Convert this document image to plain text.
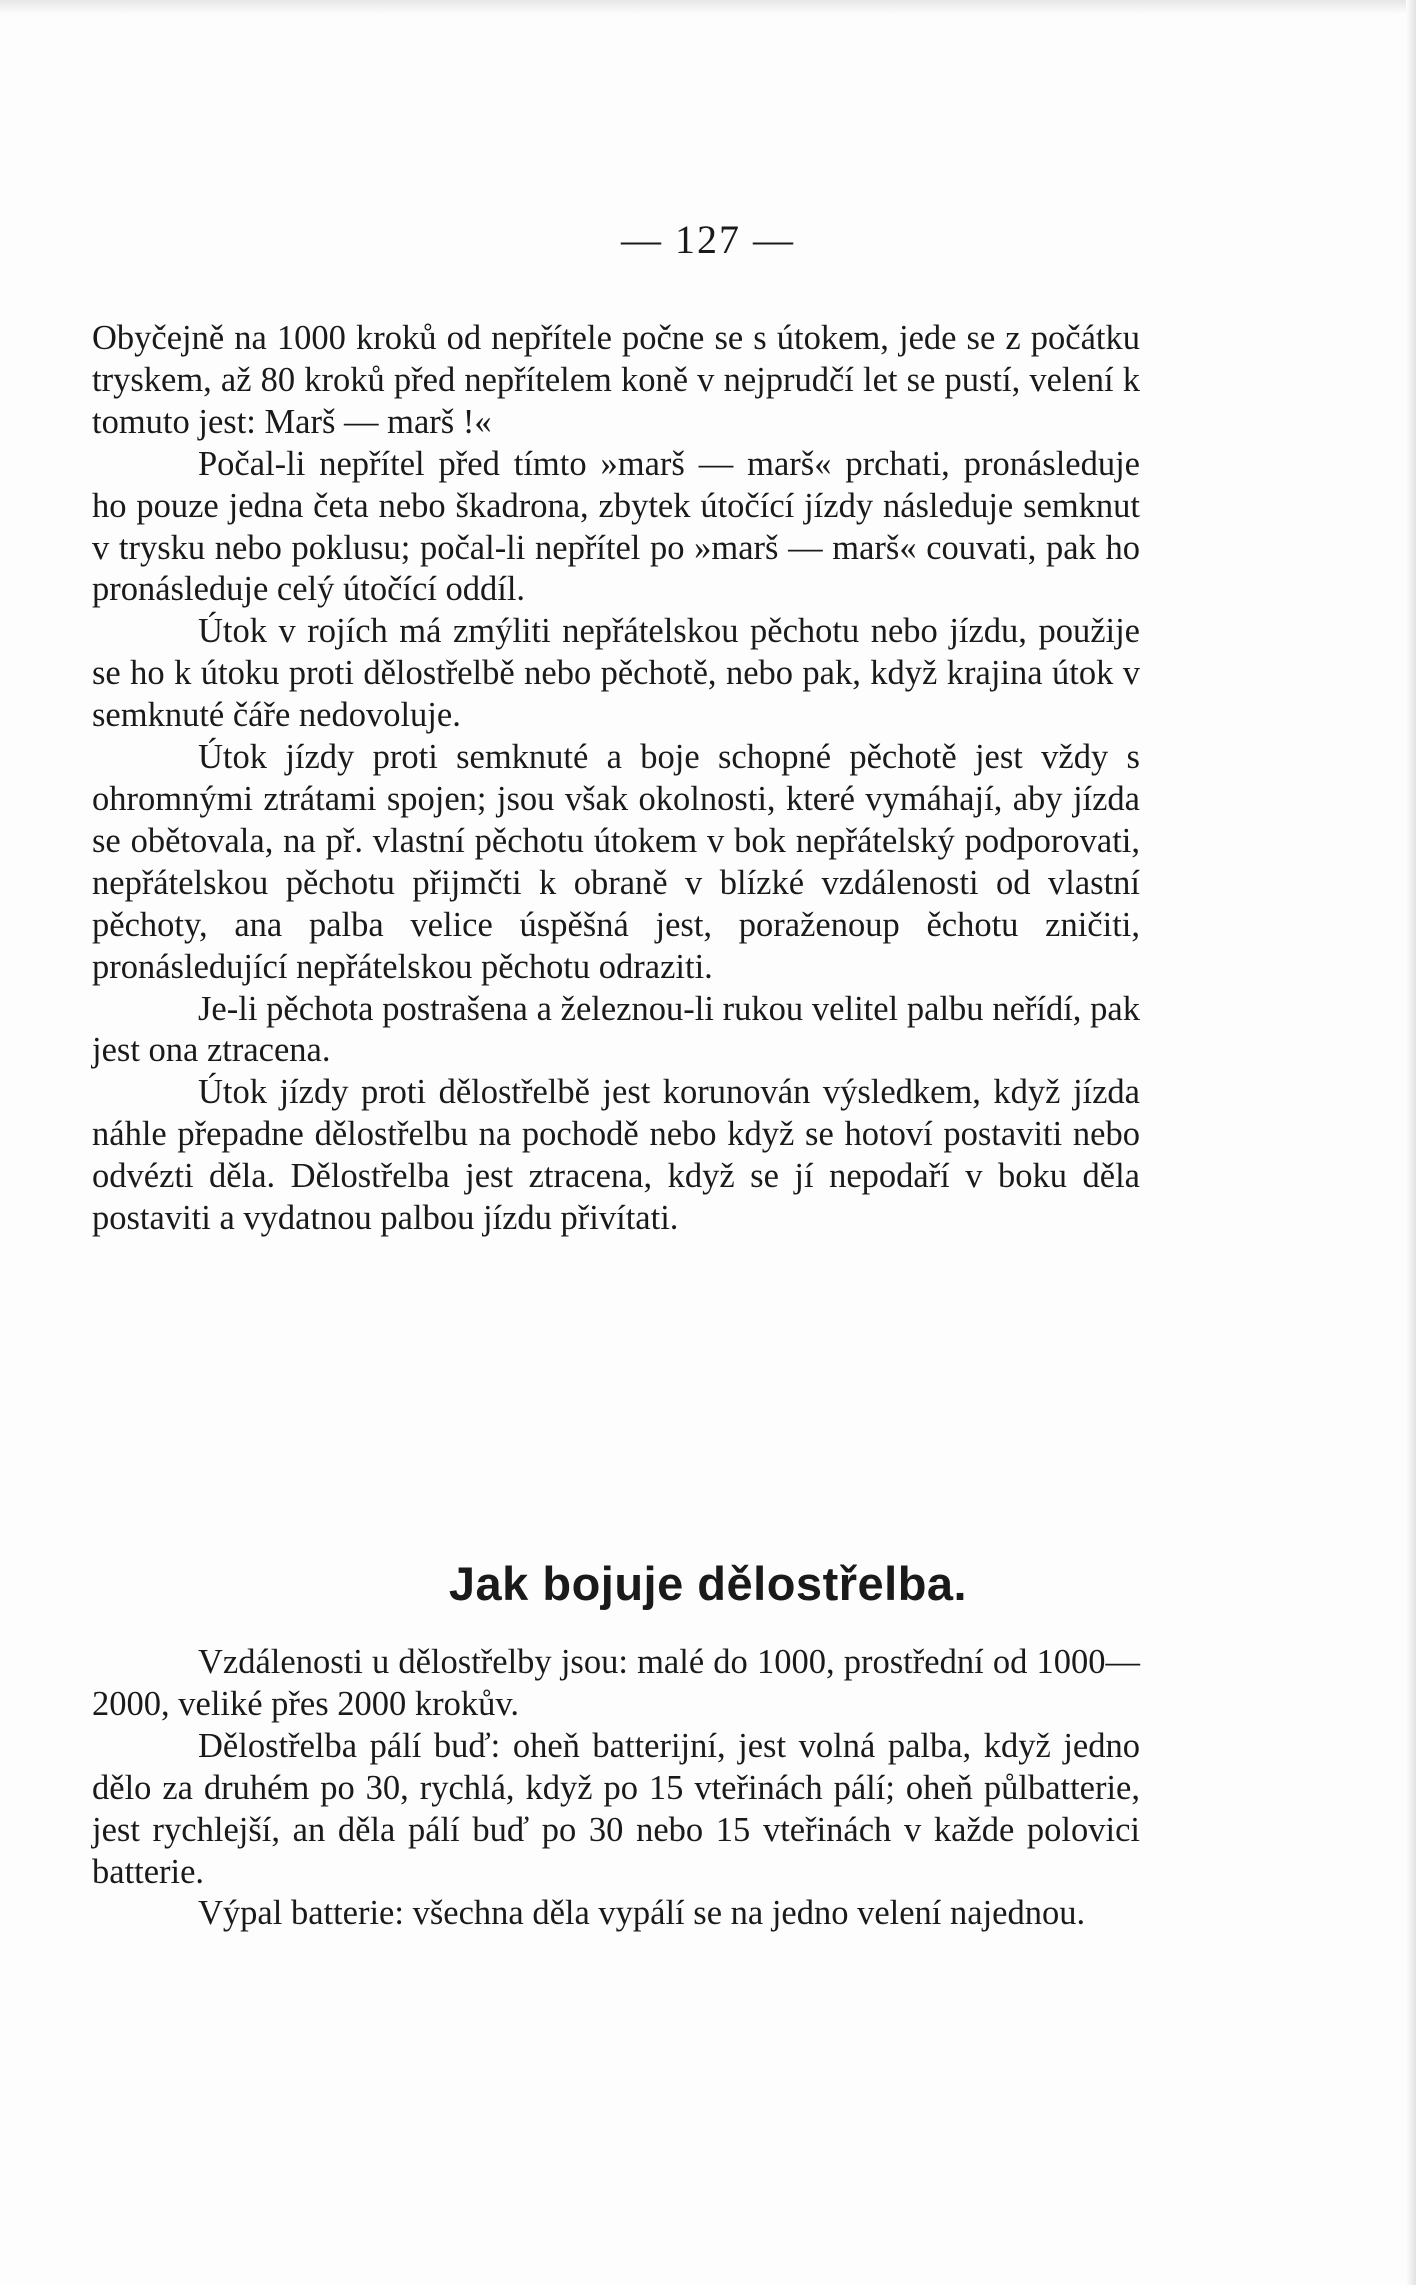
— 127 —

Obyčejně na 1000 kroků od nepřítele počne se s útokem, jede se z počátku tryskem, až 80 kroků před nepřítelem koně v nejprudčí let se pustí, velení k tomuto jest: Marš — marš !«

Počal-li nepřítel před tímto »marš — marš« prchati, pronásleduje ho pouze jedna četa nebo škadrona, zbytek útočící jízdy následuje semknut v trysku nebo poklusu; počal-li nepřítel po »marš — marš« couvati, pak ho pronásleduje celý útočící oddíl.

Útok v rojích má zmýliti nepřátelskou pěchotu nebo jízdu, použije se ho k útoku proti dělostřelbě nebo pěchotě, nebo pak, když krajina útok v semknuté čáře nedovoluje.

Útok jízdy proti semknuté a boje schopné pěchotě jest vždy s ohromnými ztrátami spojen; jsou však okolnosti, které vymáhají, aby jízda se obětovala, na př. vlastní pěchotu útokem v bok nepřátelský podporovati, nepřátelskou pěchotu přijmčti k obraně v blízké vzdálenosti od vlastní pěchoty, ana palba velice úspěšná jest, poraženoup ěchotu zničiti, pronásledující nepřátelskou pěchotu odraziti.

Je-li pěchota postrašena a železnou-li rukou velitel palbu neřídí, pak jest ona ztracena.

Útok jízdy proti dělostřelbě jest korunován výsledkem, když jízda náhle přepadne dělostřelbu na pochodě nebo když se hotoví postaviti nebo odvézti děla. Dělostřelba jest ztracena, když se jí nepodaří v boku děla postaviti a vydatnou palbou jízdu přivítati.

Jak bojuje dělostřelba.

Vzdálenosti u dělostřelby jsou: malé do 1000, prostřední od 1000—2000, veliké přes 2000 krokův.

Dělostřelba pálí buď: oheň batterijní, jest volná palba, když jedno dělo za druhém po 30, rychlá, když po 15 vteřinách pálí; oheň půlbatterie, jest rychlejší, an děla pálí buď po 30 nebo 15 vteřinách v každe polovici batterie.

Výpal batterie: všechna děla vypálí se na jedno velení najednou.
